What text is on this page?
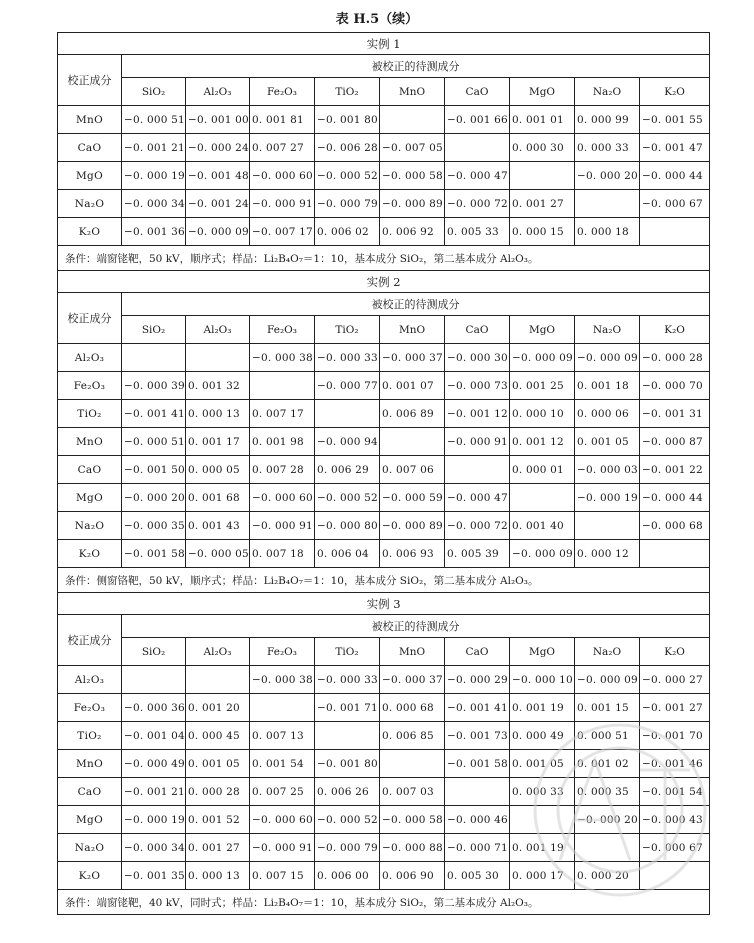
表 H.5（续）
实例 1									
校正成分	被校正的待测成分								
	SiO₂	Al₂O₃	Fe₂O₃	TiO₂	MnO	CaO	MgO	Na₂O	K₂O
MnO	−0. 000 51	−0. 001 00	0. 001 81	−0. 001 80		−0. 001 66	0. 001 01	0. 000 99	−0. 001 55
CaO	−0. 001 21	−0. 000 24	0. 007 27	−0. 006 28	−0. 007 05		0. 000 30	0. 000 33	−0. 001 47
MgO	−0. 000 19	−0. 001 48	−0. 000 60	−0. 000 52	−0. 000 58	−0. 000 47		−0. 000 20	−0. 000 44
Na₂O	−0. 000 34	−0. 001 24	−0. 000 91	−0. 000 79	−0. 000 89	−0. 000 72	0. 001 27		−0. 000 67
K₂O	−0. 001 36	−0. 000 09	−0. 007 17	0. 006 02	0. 006 92	0. 005 33	0. 000 15	0. 000 18	
条件：端窗铑靶，50 kV，顺序式；样品：Li₂B₄O₇＝1：10，基本成分 SiO₂，第二基本成分 Al₂O₃。									
实例 2									
校正成分	被校正的待测成分								
	SiO₂	Al₂O₃	Fe₂O₃	TiO₂	MnO	CaO	MgO	Na₂O	K₂O
Al₂O₃			−0. 000 38	−0. 000 33	−0. 000 37	−0. 000 30	−0. 000 09	−0. 000 09	−0. 000 28
Fe₂O₃	−0. 000 39	0. 001 32		−0. 000 77	0. 001 07	−0. 000 73	0. 001 25	0. 001 18	−0. 000 70
TiO₂	−0. 001 41	0. 000 13	0. 007 17		0. 006 89	−0. 001 12	0. 000 10	0. 000 06	−0. 001 31
MnO	−0. 000 51	0. 001 17	0. 001 98	−0. 000 94		−0. 000 91	0. 001 12	0. 001 05	−0. 000 87
CaO	−0. 001 50	0. 000 05	0. 007 28	0. 006 29	0. 007 06		0. 000 01	−0. 000 03	−0. 001 22
MgO	−0. 000 20	0. 001 68	−0. 000 60	−0. 000 52	−0. 000 59	−0. 000 47		−0. 000 19	−0. 000 44
Na₂O	−0. 000 35	0. 001 43	−0. 000 91	−0. 000 80	−0. 000 89	−0. 000 72	0. 001 40		−0. 000 68
K₂O	−0. 001 58	−0. 000 05	0. 007 18	0. 006 04	0. 006 93	0. 005 39	−0. 000 09	0. 000 12	
条件：侧窗铬靶，50 kV，顺序式；样品：Li₂B₄O₇＝1：10，基本成分 SiO₂，第二基本成分 Al₂O₃。									
实例 3									
校正成分	被校正的待测成分								
	SiO₂	Al₂O₃	Fe₂O₃	TiO₂	MnO	CaO	MgO	Na₂O	K₂O
Al₂O₃			−0. 000 38	−0. 000 33	−0. 000 37	−0. 000 29	−0. 000 10	−0. 000 09	−0. 000 27
Fe₂O₃	−0. 000 36	0. 001 20		−0. 001 71	0. 000 68	−0. 001 41	0. 001 19	0. 001 15	−0. 001 27
TiO₂	−0. 001 04	0. 000 45	0. 007 13		0. 006 85	−0. 001 73	0. 000 49	0. 000 51	−0. 001 70
MnO	−0. 000 49	0. 001 05	0. 001 54	−0. 001 80		−0. 001 58	0. 001 05	0. 001 02	−0. 001 46
CaO	−0. 001 21	0. 000 28	0. 007 25	0. 006 26	0. 007 03		0. 000 33	0. 000 35	−0. 001 54
MgO	−0. 000 19	0. 001 52	−0. 000 60	−0. 000 52	−0. 000 58	−0. 000 46		−0. 000 20	−0. 000 43
Na₂O	−0. 000 34	0. 001 27	−0. 000 91	−0. 000 79	−0. 000 88	−0. 000 71	0. 001 19		−0. 000 67
K₂O	−0. 001 35	0. 000 13	0. 007 15	0. 006 00	0. 006 90	0. 005 30	0. 000 17	0. 000 20	
条件：端窗铑靶，40 kV，同时式；样品：Li₂B₄O₇＝1：10，基本成分 SiO₂，第二基本成分 Al₂O₃。									
